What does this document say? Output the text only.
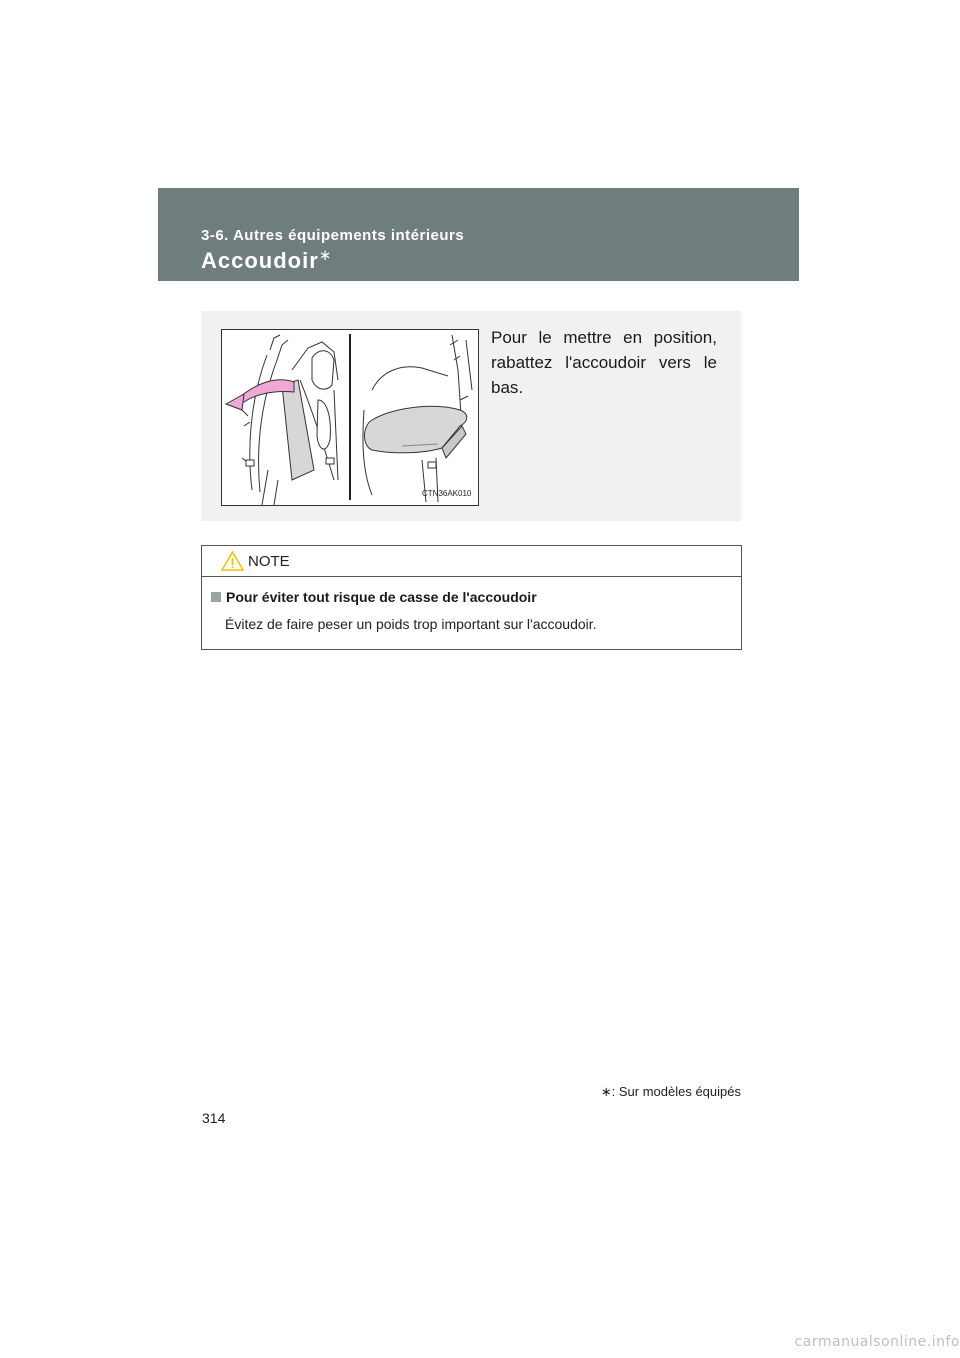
3-6. Autres équipements intérieurs
Accoudoir∗
CTN36AK010
Pour le mettre en position, rabattez l'accoudoir vers le bas.
NOTE
Pour éviter tout risque de casse de l'accoudoir
Évitez de faire peser un poids trop important sur l'accoudoir.
∗: Sur modèles équipés
314
carmanualsonline.info
